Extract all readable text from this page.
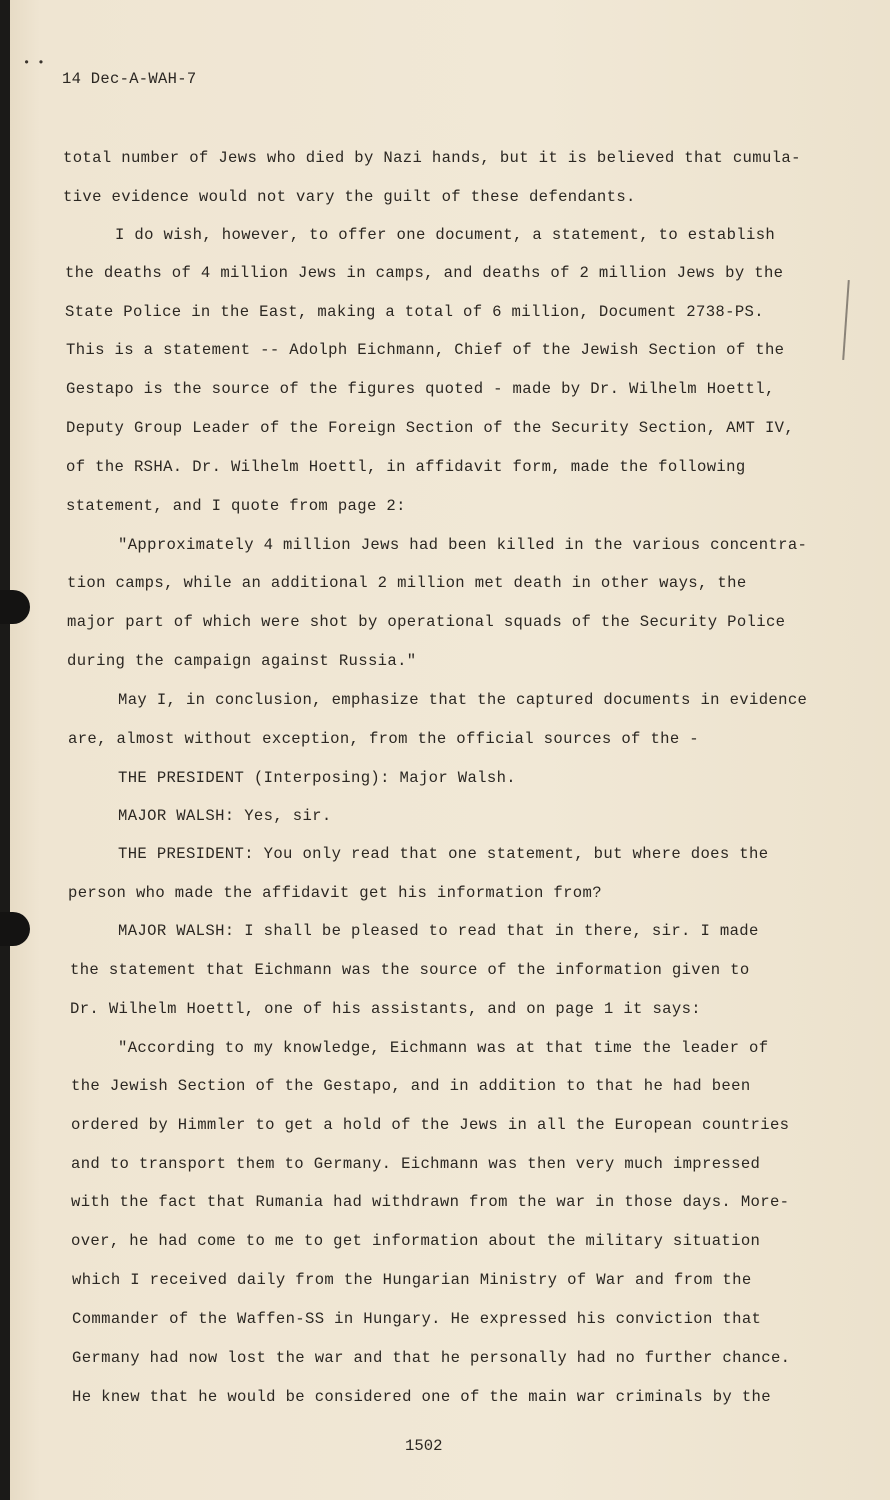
• •
14 Dec-A-WAH-7
total number of Jews who died by Nazi hands, but it is believed that cumula-
tive evidence would not vary the guilt of these defendants.
I do wish, however, to offer one document, a statement, to establish
the deaths of 4 million Jews in camps, and deaths of 2 million Jews by the
State Police in the East, making a total of 6 million, Document 2738-PS.
This is a statement -- Adolph Eichmann, Chief of the Jewish Section of the
Gestapo is the source of the figures quoted - made by Dr. Wilhelm Hoettl,
Deputy Group Leader of the Foreign Section of the Security Section, AMT IV,
of the RSHA. Dr. Wilhelm Hoettl, in affidavit form, made the following
statement, and I quote from page 2:
"Approximately 4 million Jews had been killed in the various concentra-
tion camps, while an additional 2 million met death in other ways, the
major part of which were shot by operational squads of the Security Police
during the campaign against Russia."
May I, in conclusion, emphasize that the captured documents in evidence
are, almost without exception, from the official sources of the -
THE PRESIDENT (Interposing): Major Walsh.
MAJOR WALSH: Yes, sir.
THE PRESIDENT: You only read that one statement, but where does the
person who made the affidavit get his information from?
MAJOR WALSH: I shall be pleased to read that in there, sir. I made
the statement that Eichmann was the source of the information given to
Dr. Wilhelm Hoettl, one of his assistants, and on page 1 it says:
"According to my knowledge, Eichmann was at that time the leader of
the Jewish Section of the Gestapo, and in addition to that he had been
ordered by Himmler to get a hold of the Jews in all the European countries
and to transport them to Germany. Eichmann was then very much impressed
with the fact that Rumania had withdrawn from the war in those days. More-
over, he had come to me to get information about the military situation
which I received daily from the Hungarian Ministry of War and from the
Commander of the Waffen-SS in Hungary. He expressed his conviction that
Germany had now lost the war and that he personally had no further chance.
He knew that he would be considered one of the main war criminals by the
1502
